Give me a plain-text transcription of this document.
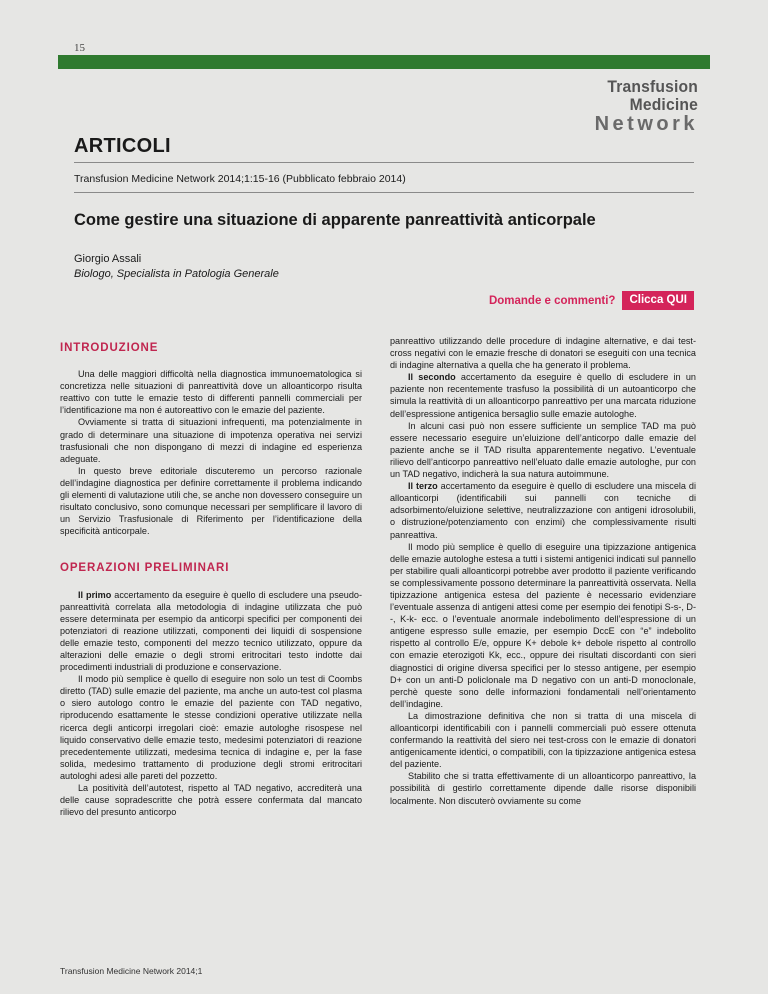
15
Transfusion Medicine
Network
ARTICOLI
Transfusion Medicine Network 2014;1:15-16 (Pubblicato febbraio 2014)
Come gestire una situazione di apparente panreattività anticorpale
Giorgio Assali
Biologo, Specialista in Patologia Generale
Domande e commenti?	Clicca QUI
INTRODUZIONE

Una delle maggiori difficoltà nella diagnostica immunoematologica si concretizza nelle situazioni di panreattività dove un alloanticorpo risulta reattivo con tutte le emazie testo di differenti pannelli commerciali per l’identificazione ma non é autoreattivo con le emazie del paziente.

Ovviamente si tratta di situazioni infrequenti, ma potenzialmente in grado di determinare una situazione di impotenza operativa nei servizi trasfusionali che non dispongano di mezzi di indagine ed esperienza adeguate.

In questo breve editoriale discuteremo un percorso razionale dell’indagine diagnostica per definire correttamente il problema indicando gli elementi di valutazione utili che, se anche non dovessero conseguire un risultato conclusivo, sono comunque necessari per semplificare il lavoro di un Servizio Trasfusionale di Riferimento per l’identificazione della specificità anticorpale.

OPERAZIONI PRELIMINARI

Il primo accertamento da eseguire è quello di escludere una pseudo-panreattività correlata alla metodologia di indagine utilizzata che può essere determinata per esempio da anticorpi specifici per componenti dei potenziatori di reazione utilizzati, componenti dei liquidi di sospensione delle emazie testo, componenti del mezzo tecnico utilizzato, oppure da alterazioni delle emazie o degli stromi eritrocitari testo indotte dai procedimenti industriali di produzione e conservazione.

Il modo più semplice è quello di eseguire non solo un test di Coombs diretto (TAD) sulle emazie del paziente, ma anche un auto-test col plasma o siero autologo contro le emazie del paziente con TAD negativo, riproducendo esattamente le stesse condizioni operative utilizzate nella ricerca degli anticorpi irregolari cioè: emazie autologhe risospese nel liquido conservativo delle emazie testo, medesimi potenziatori di reazione precedentemente utilizzati, medesima tecnica di indagine e, per la fase solida, medesimo trattamento di produzione degli stromi eritrocitari autologhi adesi alle pareti del pozzetto.

La positività dell’autotest, rispetto al TAD negativo, accrediterà una delle cause sopradescritte che potrà essere confermata dal mancato rilievo del presunto anticorpo

panreattivo utilizzando delle procedure di indagine alternative, e dai test-cross negativi con le emazie fresche di donatori se eseguiti con una tecnica di indagine alternativa a quella che ha generato il problema.

Il secondo accertamento da eseguire è quello di escludere in un paziente non recentemente trasfuso la possibilità di un autoanticorpo che simula la reattività di un alloanticorpo panreattivo per una marcata riduzione dell’espressione antigenica bersaglio sulle emazie autologhe.

In alcuni casi può non essere sufficiente un semplice TAD ma può essere necessario eseguire un’eluizione dell’anticorpo dalle emazie del paziente anche se il TAD risulta apparentemente negativo. L’eventuale rilievo dell’anticorpo panreattivo nell’eluato dalle emazie autologhe, pur con un TAD negativo, indicherà la sua natura autoimmune.

Il terzo accertamento da eseguire è quello di escludere una miscela di alloanticorpi (identificabili sui pannelli con tecniche di adsorbimento/eluizione selettive, neutralizzazione con antigeni idrosolubili, o distruzione/potenziamento con enzimi) che complessivamente risulti panreattiva.

Il modo più semplice è quello di eseguire una tipizzazione antigenica delle emazie autologhe estesa a tutti i sistemi antigenici indicati sul pannello per stabilire quali alloanticorpi potrebbe aver prodotto il paziente verificando se complessivamente possono determinare la panreattività osservata. Nella tipizzazione antigenica estesa del paziente è necessario evidenziare l’eventuale assenza di antigeni attesi come per esempio dei fenotipi S-s-, D--, K-k- ecc. o l’eventuale anormale indebolimento dell’espressione di un antigene espresso sulle emazie, per esempio DccE con “e” indebolito rispetto al controllo E/e, oppure K+ debole k+ debole rispetto al controllo con emazie eterozigoti Kk, ecc., oppure dei risultati discordanti con sieri diagnostici di origine diversa specifici per lo stesso antigene, per esempio D+ con un anti-D policlonale ma D negativo con un anti-D monoclonale, perchè queste sono delle informazioni fondamentali nell’orientamento dell’indagine.

La dimostrazione definitiva che non si tratta di una miscela di alloanticorpi identificabili con i pannelli commerciali può essere ottenuta confermando la reattività del siero nei test-cross con le emazie di donatori antigenicamente identici, o compatibili, con la tipizzazione antigenica estesa del paziente.

Stabilito che si tratta effettivamente di un alloanticorpo panreattivo, la possibilità di gestirlo correttamente dipende dalle risorse disponibili localmente. Non discuterò ovviamente su come

Transfusion Medicine Network 2014;1
